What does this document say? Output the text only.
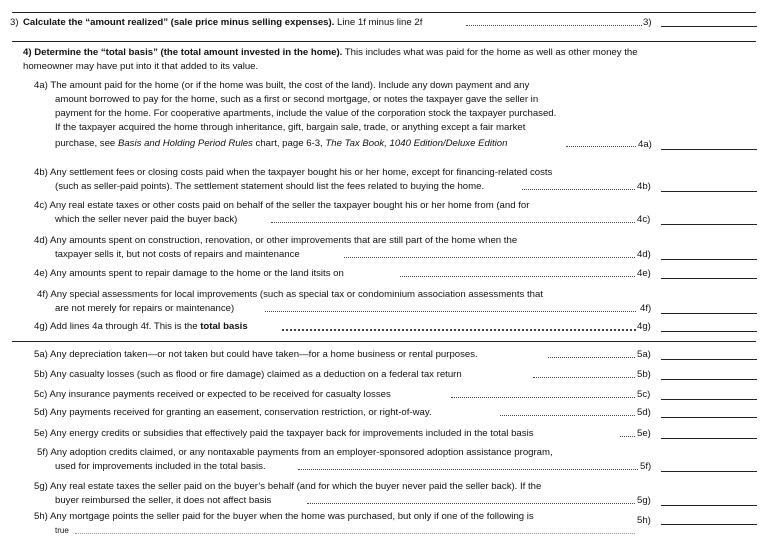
3) Calculate the “amount realized” (sale price minus selling expenses). Line 1f minus line 2f	3)
4) Determine the “total basis” (the total amount invested in the home). This includes what was paid for the home as well as other money the
homeowner may have put into it that added to its value.
4a) The amount paid for the home (or if the home was built, the cost of the land). Include any down payment and any
amount borrowed to pay for the home, such as a first or second mortgage, or notes the taxpayer gave the seller in
payment for the home. For cooperative apartments, include the value of the corporation stock the taxpayer purchased.
If the taxpayer acquired the home through inheritance, gift, bargain sale, trade, or anything except a fair market
purchase, see Basis and Holding Period Rules chart, page 6-3, The Tax Book, 1040 Edition/Deluxe Edition	4a)
4b) Any settlement fees or closing costs paid when the taxpayer bought his or her home, except for financing-related costs
(such as seller-paid points). The settlement statement should list the fees related to buying the home.	4b)
4c) Any real estate taxes or other costs paid on behalf of the seller the taxpayer bought his or her home from (and for
which the seller never paid the buyer back)	4c)
4d) Any amounts spent on construction, renovation, or other improvements that are still part of the home when the
taxpayer sells it, but not costs of repairs and maintenance	4d)
4e) Any amounts spent to repair damage to the home or the land itsits on	4e)
4f) Any special assessments for local improvements (such as special tax or condominium association assessments that
are not merely for repairs or maintenance)	4f)
4g) Add lines 4a through 4f. This is the total basis	4g)
5a) Any depreciation taken—or not taken but could have taken—for a home business or rental purposes.	5a)
5b) Any casualty losses (such as flood or fire damage) claimed as a deduction on a federal tax return	5b)
5c) Any insurance payments received or expected to be received for casualty losses	5c)
5d) Any payments received for granting an easement, conservation restriction, or right-of-way.	5d)
5e) Any energy credits or subsidies that effectively paid the taxpayer back for improvements included in the total basis	5e)
5f) Any adoption credits claimed, or any nontaxable payments from an employer-sponsored adoption assistance program,
used for improvements included in the total basis.	5f)
5g) Any real estate taxes the seller paid on the buyer’s behalf (and for which the buyer never paid the seller back). If the
buyer reimbursed the seller, it does not affect basis	5g)
5h) Any mortgage points the seller paid for the buyer when the home was purchased, but only if one of the following is
true
5h)
